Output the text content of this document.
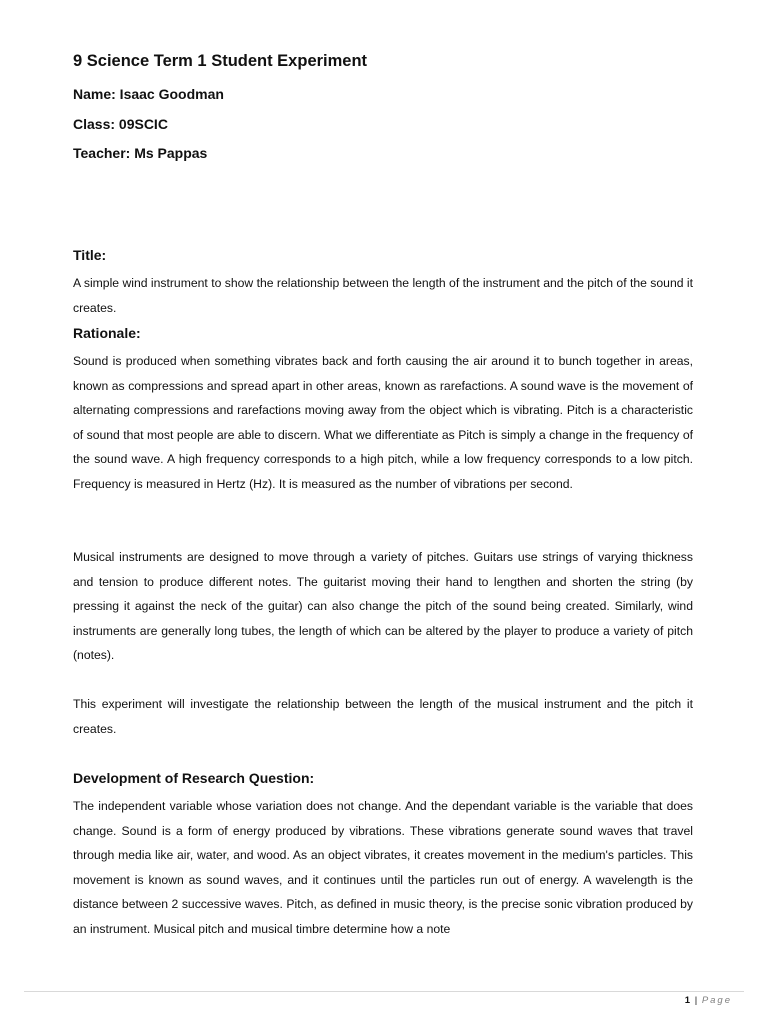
9 Science Term 1 Student Experiment

Name: Isaac Goodman

Class: 09SCIC

Teacher: Ms Pappas

Title:

A simple wind instrument to show the relationship between the length of the instrument and the pitch of the sound it creates.

Rationale:

Sound is produced when something vibrates back and forth causing the air around it to bunch together in areas, known as compressions and spread apart in other areas, known as rarefactions. A sound wave is the movement of alternating compressions and rarefactions moving away from the object which is vibrating. Pitch is a characteristic of sound that most people are able to discern. What we differentiate as Pitch is simply a change in the frequency of the sound wave. A high frequency corresponds to a high pitch, while a low frequency corresponds to a low pitch. Frequency is measured in Hertz (Hz). It is measured as the number of vibrations per second.

Musical instruments are designed to move through a variety of pitches. Guitars use strings of varying thickness and tension to produce different notes. The guitarist moving their hand to lengthen and shorten the string (by pressing it against the neck of the guitar) can also change the pitch of the sound being created. Similarly, wind instruments are generally long tubes, the length of which can be altered by the player to produce a variety of pitch (notes).

This experiment will investigate the relationship between the length of the musical instrument and the pitch it creates.

Development of Research Question:

The independent variable whose variation does not change. And the dependant variable is the variable that does change. Sound is a form of energy produced by vibrations. These vibrations generate sound waves that travel through media like air, water, and wood. As an object vibrates, it creates movement in the medium's particles. This movement is known as sound waves, and it continues until the particles run out of energy. A wavelength is the distance between 2 successive waves. Pitch, as defined in music theory, is the precise sonic vibration produced by an instrument. Musical pitch and musical timbre determine how a note

1 | Page
